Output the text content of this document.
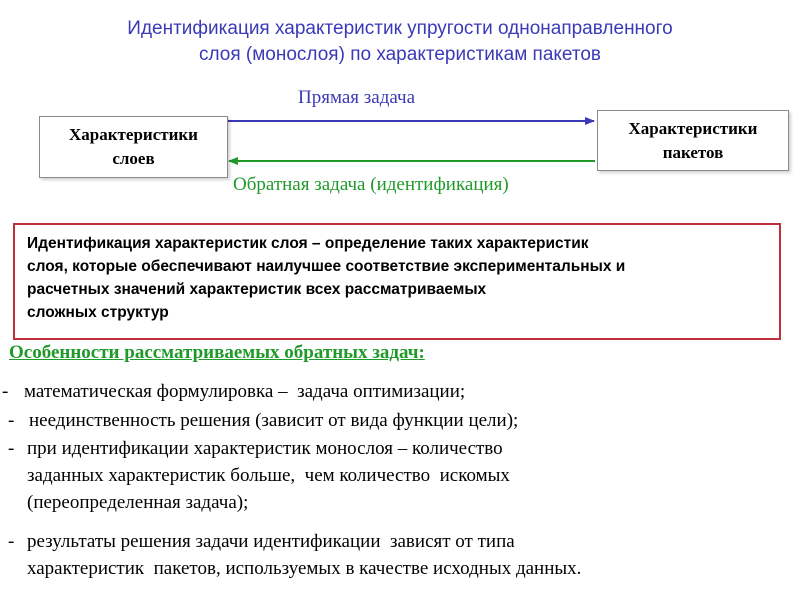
Идентификация характеристик упругости однонаправленного
слоя (монослоя) по характеристикам пакетов
Характеристики
слоев
Характеристики
пакетов
Прямая задача
Обратная задача (идентификация)
Идентификация характеристик слоя – определение таких характеристик
слоя, которые обеспечивают наилучшее соответствие экспериментальных и
расчетных значений характеристик всех рассматриваемых
сложных структур
Особенности рассматриваемых обратных задач:
- математическая формулировка –  задача оптимизации;
- неединственность решения (зависит от вида функции цели);
- при идентификации характеристик монослоя – количество
заданных характеристик больше,  чем количество  искомых
(переопределенная задача);
- результаты решения задачи идентификации  зависят от типа
характеристик  пакетов, используемых в качестве исходных данных.
